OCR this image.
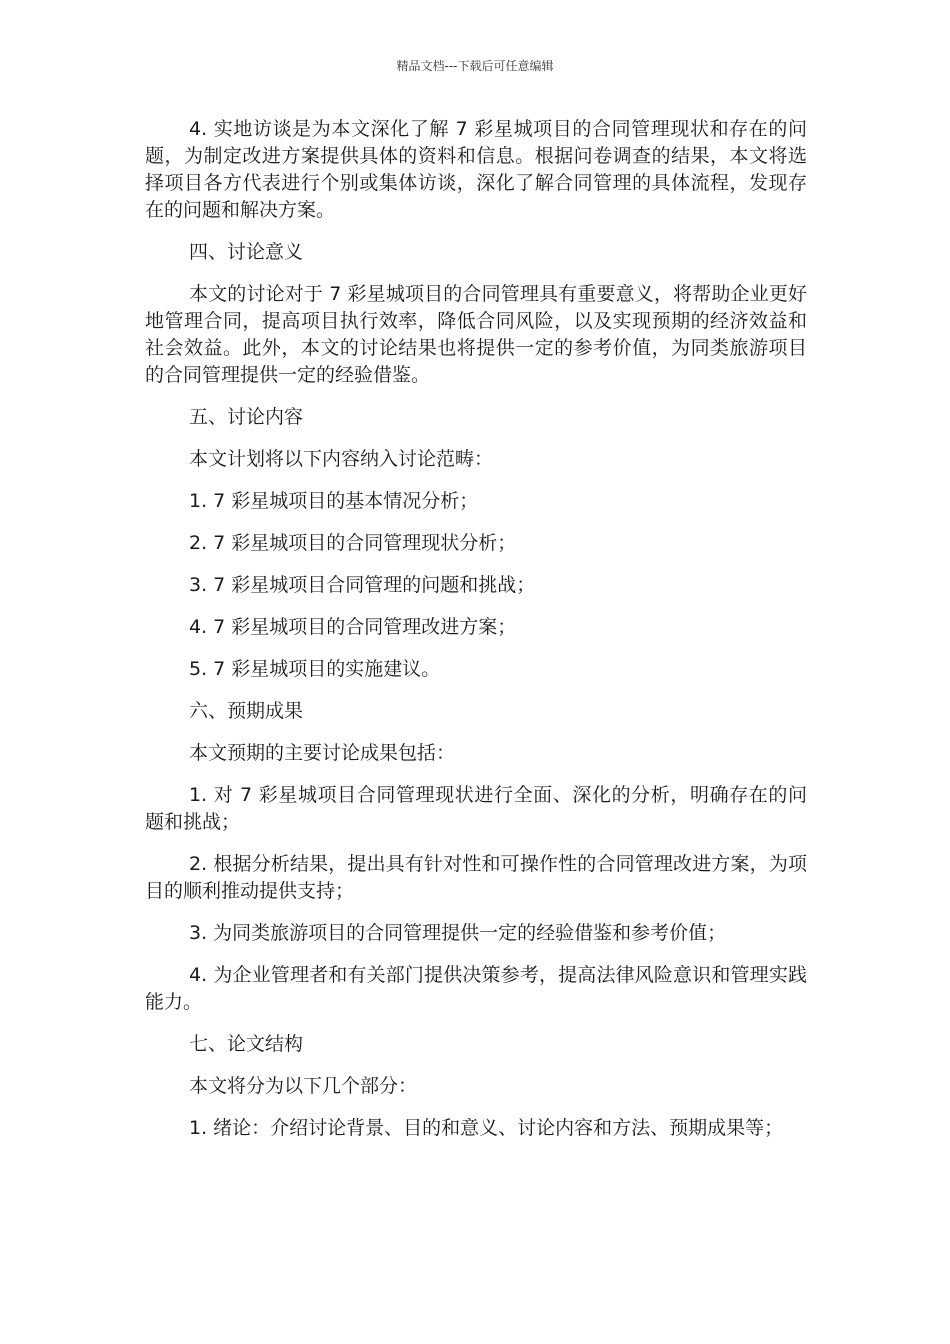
精品文档---下载后可任意编辑

4. 实地访谈是为本文深化了解 7 彩星城项目的合同管理现状和存在的问题，为制定改进方案提供具体的资料和信息。根据问卷调查的结果，本文将选择项目各方代表进行个别或集体访谈，深化了解合同管理的具体流程，发现存在的问题和解决方案。

四、讨论意义

本文的讨论对于 7 彩星城项目的合同管理具有重要意义，将帮助企业更好地管理合同，提高项目执行效率，降低合同风险，以及实现预期的经济效益和社会效益。此外，本文的讨论结果也将提供一定的参考价值，为同类旅游项目的合同管理提供一定的经验借鉴。

五、讨论内容

本文计划将以下内容纳入讨论范畴：

1. 7 彩星城项目的基本情况分析；

2. 7 彩星城项目的合同管理现状分析；

3. 7 彩星城项目合同管理的问题和挑战；

4. 7 彩星城项目的合同管理改进方案；

5. 7 彩星城项目的实施建议。

六、预期成果

本文预期的主要讨论成果包括：

1. 对 7 彩星城项目合同管理现状进行全面、深化的分析，明确存在的问题和挑战；

2. 根据分析结果，提出具有针对性和可操作性的合同管理改进方案，为项目的顺利推动提供支持；

3. 为同类旅游项目的合同管理提供一定的经验借鉴和参考价值；

4. 为企业管理者和有关部门提供决策参考，提高法律风险意识和管理实践能力。

七、论文结构

本文将分为以下几个部分：

1. 绪论：介绍讨论背景、目的和意义、讨论内容和方法、预期成果等；
